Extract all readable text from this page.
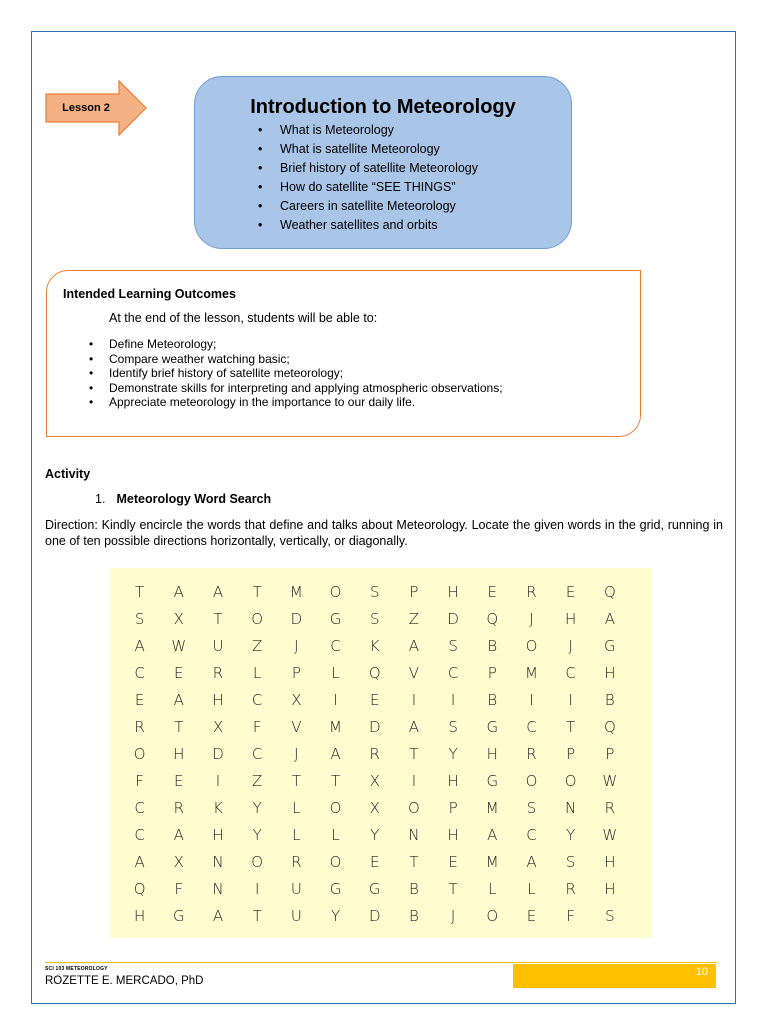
Lesson 2	Introduction to Meteorology
• What is Meteorology
• What is satellite Meteorology
• Brief history of satellite Meteorology
• How do satellite “SEE THINGS”
• Careers in satellite Meteorology
• Weather satellites and orbits
Intended Learning Outcomes

At the end of the lesson, students will be able to:

• Define Meteorology;
• Compare weather watching basic;
• Identify brief history of satellite meteorology;
• Demonstrate skills for interpreting and applying atmospheric observations;
• Appreciate meteorology in the importance to our daily life.
Activity
1. Meteorology Word Search

Direction: Kindly encircle the words that define and talks about Meteorology. Locate the given words in the grid, running in one of ten possible directions horizontally, vertically, or diagonally.

T	A	A	T	M	O	S	P	H	E	R	E	Q
S	X	T	O	D	G	S	Z	D	Q	J	H	A
A	W	U	Z	J	C	K	A	S	B	O	J	G
C	E	R	L	P	L	Q	V	C	P	M	C	H
E	A	H	C	X	I	E	I	I	B	I	I	B
R	T	X	F	V	M	D	A	S	G	C	T	Q
O	H	D	C	J	A	R	T	Y	H	R	P	P
F	E	I	Z	T	T	X	I	H	G	O	O	W
C	R	K	Y	L	O	X	O	P	M	S	N	R
C	A	H	Y	L	L	Y	N	H	A	C	Y	W
A	X	N	O	R	O	E	T	E	M	A	S	H
Q	F	N	I	U	G	G	B	T	L	L	R	H
H	G	A	T	U	Y	D	B	J	O	E	F	S
SCI 103 METEOROLOGY
ROZETTE E. MERCADO, PhD
10
